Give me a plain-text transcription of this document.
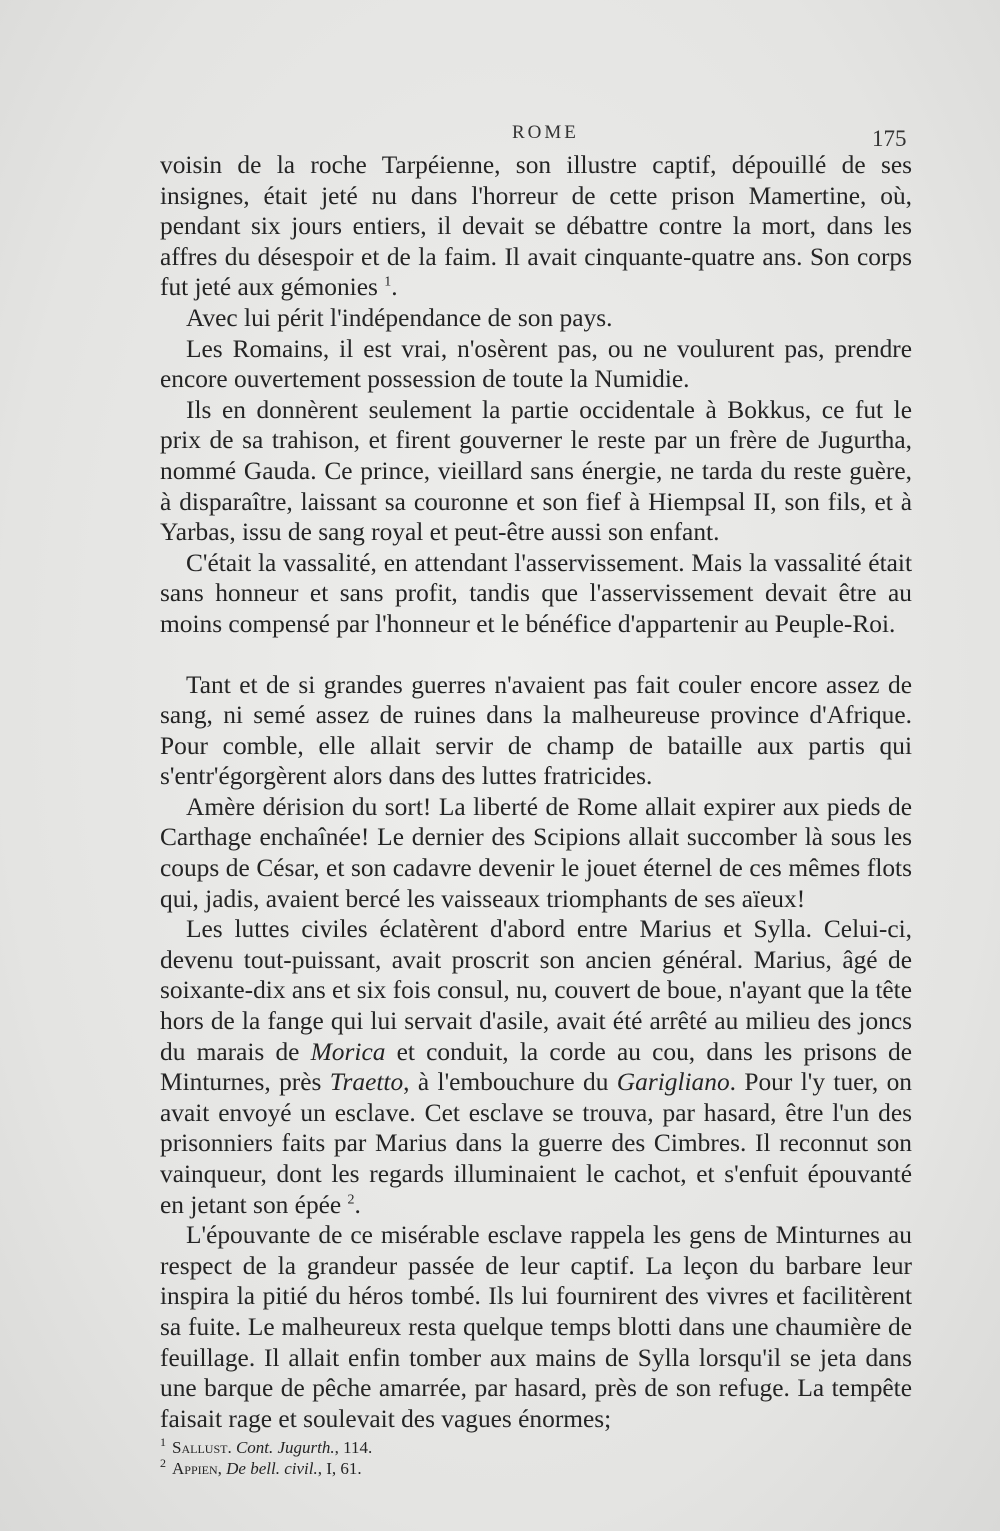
ROME	175

voisin de la roche Tarpéienne, son illustre captif, dépouillé de ses insignes, était jeté nu dans l'horreur de cette prison Mamertine, où, pendant six jours entiers, il devait se débattre contre la mort, dans les affres du désespoir et de la faim. Il avait cinquante-quatre ans. Son corps fut jeté aux gémonies $^1$.

Avec lui périt l'indépendance de son pays.

Les Romains, il est vrai, n'osèrent pas, ou ne voulurent pas, prendre encore ouvertement possession de toute la Numidie.

Ils en donnèrent seulement la partie occidentale à Bokkus, ce fut le prix de sa trahison, et firent gouverner le reste par un frère de Jugurtha, nommé Gauda. Ce prince, vieillard sans énergie, ne tarda du reste guère, à disparaître, laissant sa couronne et son fief à Hiempsal II, son fils, et à Yarbas, issu de sang royal et peut-être aussi son enfant.

C'était la vassalité, en attendant l'asservissement. Mais la vassalité était sans honneur et sans profit, tandis que l'asservissement devait être au moins compensé par l'honneur et le bénéfice d'appartenir au Peuple-Roi.

Tant et de si grandes guerres n'avaient pas fait couler encore assez de sang, ni semé assez de ruines dans la malheureuse province d'Afrique. Pour comble, elle allait servir de champ de bataille aux partis qui s'entr'égorgèrent alors dans des luttes fratricides.

Amère dérision du sort! La liberté de Rome allait expirer aux pieds de Carthage enchaînée! Le dernier des Scipions allait succomber là sous les coups de César, et son cadavre devenir le jouet éternel de ces mêmes flots qui, jadis, avaient bercé les vaisseaux triomphants de ses aïeux!

Les luttes civiles éclatèrent d'abord entre Marius et Sylla. Celui-ci, devenu tout-puissant, avait proscrit son ancien général. Marius, âgé de soixante-dix ans et six fois consul, nu, couvert de boue, n'ayant que la tête hors de la fange qui lui servait d'asile, avait été arrêté au milieu des joncs du marais de Morica et conduit, la corde au cou, dans les prisons de Minturnes, près Traetto, à l'embouchure du Garigliano. Pour l'y tuer, on avait envoyé un esclave. Cet esclave se trouva, par hasard, être l'un des prisonniers faits par Marius dans la guerre des Cimbres. Il reconnut son vainqueur, dont les regards illuminaient le cachot, et s'enfuit épouvanté en jetant son épée $^2$.

L'épouvante de ce misérable esclave rappela les gens de Minturnes au respect de la grandeur passée de leur captif. La leçon du barbare leur inspira la pitié du héros tombé. Ils lui fournirent des vivres et facilitèrent sa fuite. Le malheureux resta quelque temps blotti dans une chaumière de feuillage. Il allait enfin tomber aux mains de Sylla lorsqu'il se jeta dans une barque de pêche amarrée, par hasard, près de son refuge. La tempête faisait rage et soulevait des vagues énormes;

$^1$ Sallust. Cont. Jugurth., 114.
$^2$ Appien, De bell. civil., I, 61.
